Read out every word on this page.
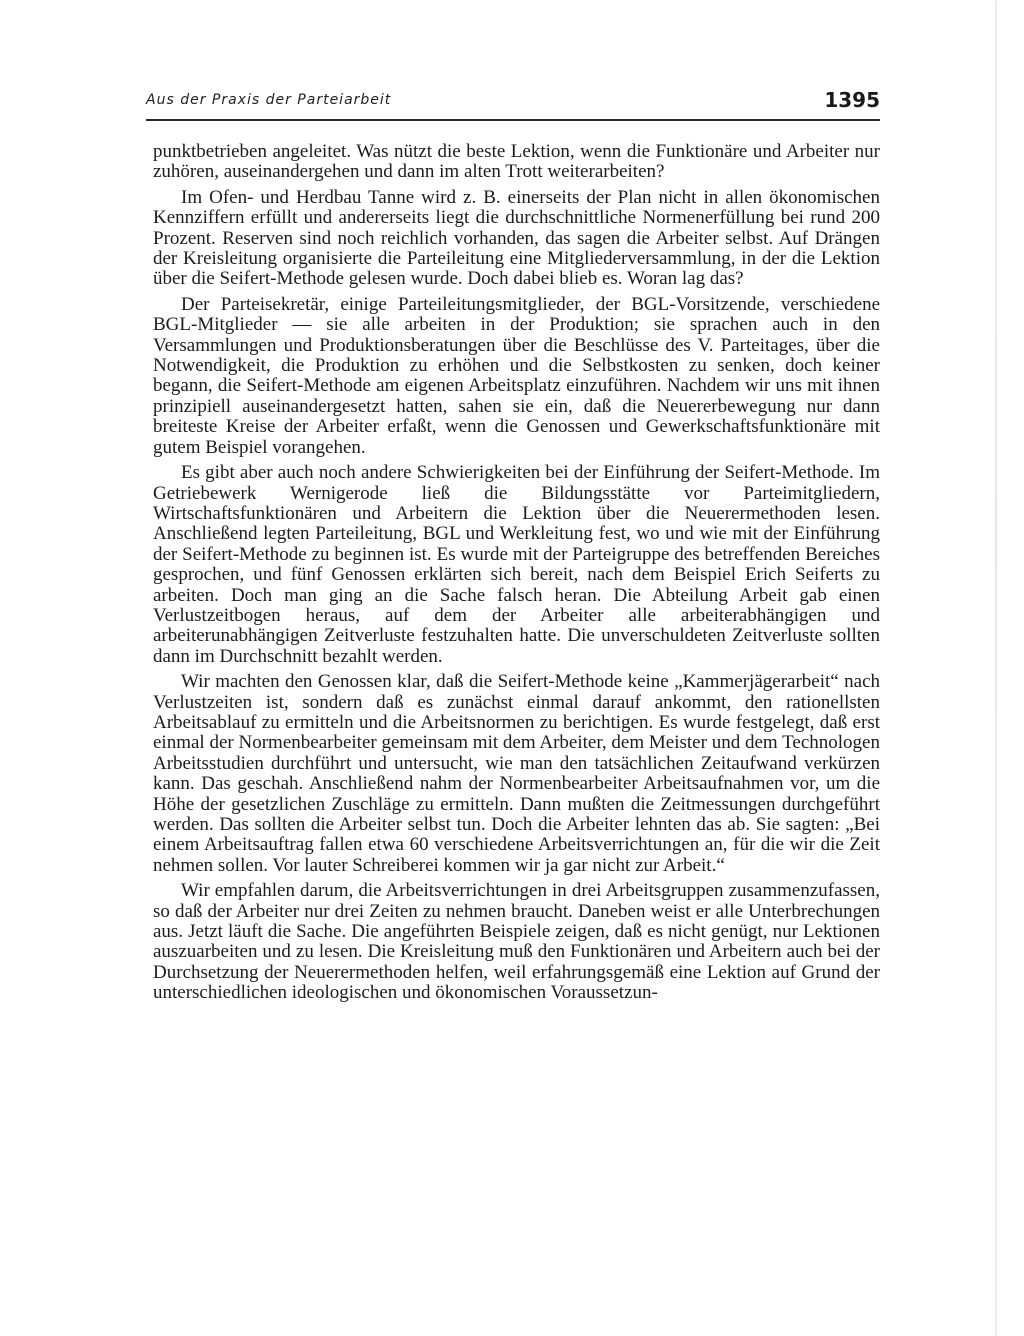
Aus der Praxis der Parteiarbeit	1395

punktbetrieben angeleitet. Was nützt die beste Lektion, wenn die Funktionäre und Arbeiter nur zuhören, auseinandergehen und dann im alten Trott weiterarbeiten?

Im Ofen- und Herdbau Tanne wird z. B. einerseits der Plan nicht in allen ökonomischen Kennziffern erfüllt und andererseits liegt die durchschnittliche Normenerfüllung bei rund 200 Prozent. Reserven sind noch reichlich vorhanden, das sagen die Arbeiter selbst. Auf Drängen der Kreisleitung organisierte die Parteileitung eine Mitgliederversammlung, in der die Lektion über die Seifert-Methode gelesen wurde. Doch dabei blieb es. Woran lag das?

Der Parteisekretär, einige Parteileitungsmitglieder, der BGL-Vorsitzende, verschiedene BGL-Mitglieder — sie alle arbeiten in der Produktion; sie sprachen auch in den Versammlungen und Produktionsberatungen über die Beschlüsse des V. Parteitages, über die Notwendigkeit, die Produktion zu erhöhen und die Selbstkosten zu senken, doch keiner begann, die Seifert-Methode am eigenen Arbeitsplatz einzuführen. Nachdem wir uns mit ihnen prinzipiell auseinandergesetzt hatten, sahen sie ein, daß die Neuererbewegung nur dann breiteste Kreise der Arbeiter erfaßt, wenn die Genossen und Gewerkschaftsfunktionäre mit gutem Beispiel vorangehen.

Es gibt aber auch noch andere Schwierigkeiten bei der Einführung der Seifert-Methode. Im Getriebewerk Wernigerode ließ die Bildungsstätte vor Parteimitgliedern, Wirtschaftsfunktionären und Arbeitern die Lektion über die Neuerermethoden lesen. Anschließend legten Parteileitung, BGL und Werkleitung fest, wo und wie mit der Einführung der Seifert-Methode zu beginnen ist. Es wurde mit der Parteigruppe des betreffenden Bereiches gesprochen, und fünf Genossen erklärten sich bereit, nach dem Beispiel Erich Seiferts zu arbeiten. Doch man ging an die Sache falsch heran. Die Abteilung Arbeit gab einen Verlustzeitbogen heraus, auf dem der Arbeiter alle arbeiterabhängigen und arbeiterunabhängigen Zeitverluste festzuhalten hatte. Die unverschuldeten Zeitverluste sollten dann im Durchschnitt bezahlt werden.

Wir machten den Genossen klar, daß die Seifert-Methode keine „Kammerjägerarbeit“ nach Verlustzeiten ist, sondern daß es zunächst einmal darauf ankommt, den rationellsten Arbeitsablauf zu ermitteln und die Arbeitsnormen zu berichtigen. Es wurde festgelegt, daß erst einmal der Normenbearbeiter gemeinsam mit dem Arbeiter, dem Meister und dem Technologen Arbeitsstudien durchführt und untersucht, wie man den tatsächlichen Zeitaufwand verkürzen kann. Das geschah. Anschließend nahm der Normenbearbeiter Arbeitsaufnahmen vor, um die Höhe der gesetzlichen Zuschläge zu ermitteln. Dann mußten die Zeitmessungen durchgeführt werden. Das sollten die Arbeiter selbst tun. Doch die Arbeiter lehnten das ab. Sie sagten: „Bei einem Arbeitsauftrag fallen etwa 60 verschiedene Arbeitsverrichtungen an, für die wir die Zeit nehmen sollen. Vor lauter Schreiberei kommen wir ja gar nicht zur Arbeit.“

Wir empfahlen darum, die Arbeitsverrichtungen in drei Arbeitsgruppen zusammenzufassen, so daß der Arbeiter nur drei Zeiten zu nehmen braucht. Daneben weist er alle Unterbrechungen aus. Jetzt läuft die Sache. Die angeführten Beispiele zeigen, daß es nicht genügt, nur Lektionen auszuarbeiten und zu lesen. Die Kreisleitung muß den Funktionären und Arbeitern auch bei der Durchsetzung der Neuerermethoden helfen, weil erfahrungsgemäß eine Lektion auf Grund der unterschiedlichen ideologischen und ökonomischen Voraussetzun-
